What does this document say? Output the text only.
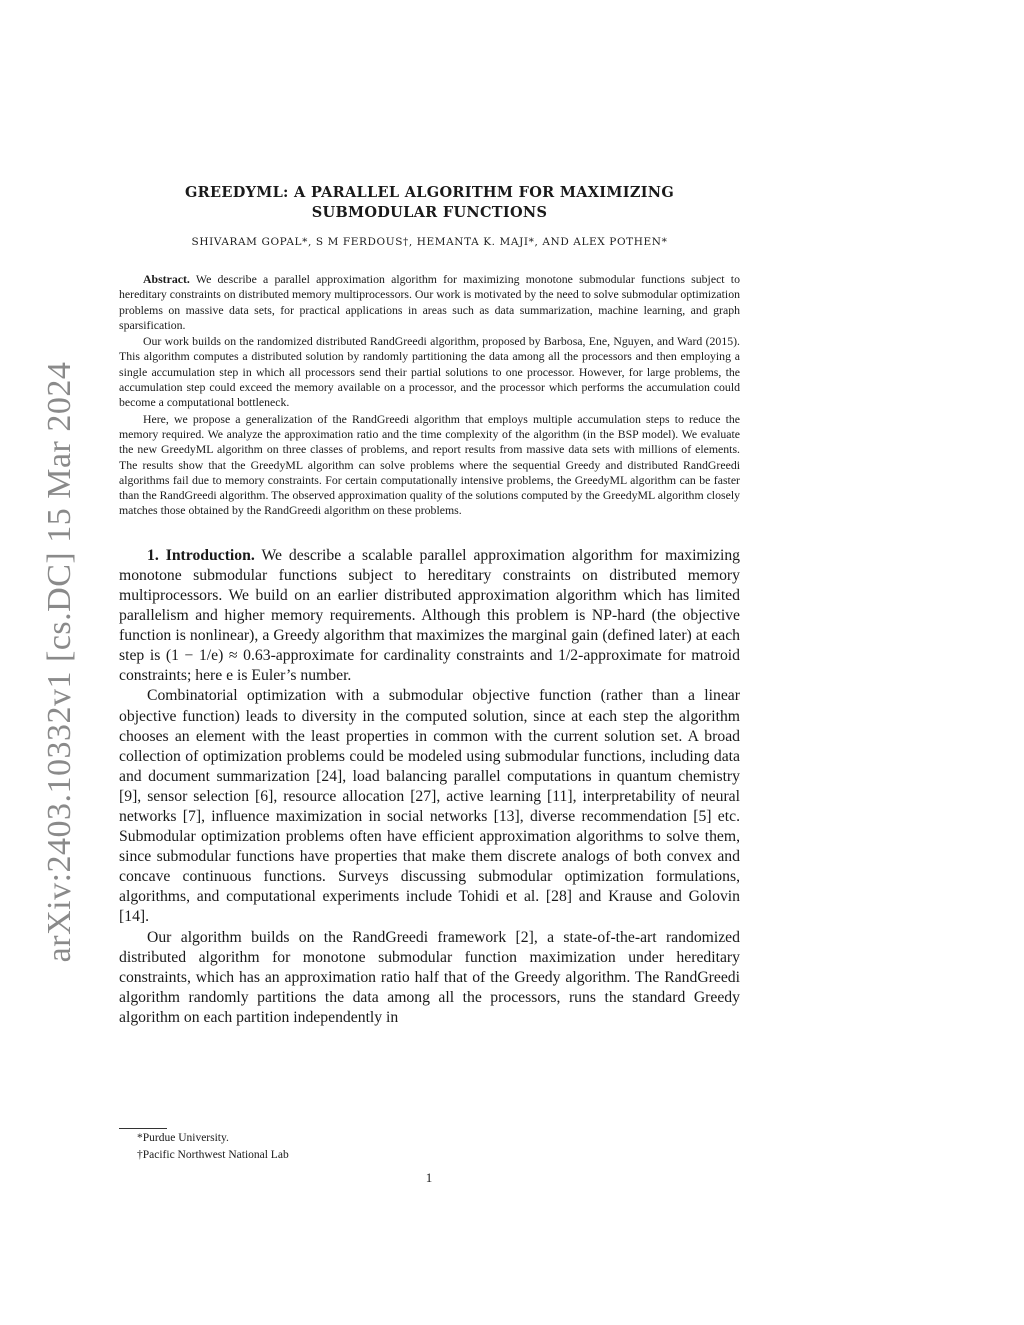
arXiv:2403.10332v1 [cs.DC] 15 Mar 2024
GREEDYML: A PARALLEL ALGORITHM FOR MAXIMIZING
SUBMODULAR FUNCTIONS
SHIVARAM GOPAL*, S M FERDOUS†, HEMANTA K. MAJI*, AND ALEX POTHEN*

Abstract. We describe a parallel approximation algorithm for maximizing monotone submodular functions subject to hereditary constraints on distributed memory multiprocessors. Our work is motivated by the need to solve submodular optimization problems on massive data sets, for practical applications in areas such as data summarization, machine learning, and graph sparsification.

Our work builds on the randomized distributed RandGreedi algorithm, proposed by Barbosa, Ene, Nguyen, and Ward (2015). This algorithm computes a distributed solution by randomly partitioning the data among all the processors and then employing a single accumulation step in which all processors send their partial solutions to one processor. However, for large problems, the accumulation step could exceed the memory available on a processor, and the processor which performs the accumulation could become a computational bottleneck.

Here, we propose a generalization of the RandGreedi algorithm that employs multiple accumulation steps to reduce the memory required. We analyze the approximation ratio and the time complexity of the algorithm (in the BSP model). We evaluate the new GreedyML algorithm on three classes of problems, and report results from massive data sets with millions of elements. The results show that the GreedyML algorithm can solve problems where the sequential Greedy and distributed RandGreedi algorithms fail due to memory constraints. For certain computationally intensive problems, the GreedyML algorithm can be faster than the RandGreedi algorithm. The observed approximation quality of the solutions computed by the GreedyML algorithm closely matches those obtained by the RandGreedi algorithm on these problems.

1. Introduction. We describe a scalable parallel approximation algorithm for maximizing monotone submodular functions subject to hereditary constraints on distributed memory multiprocessors. We build on an earlier distributed approximation algorithm which has limited parallelism and higher memory requirements. Although this problem is NP-hard (the objective function is nonlinear), a Greedy algorithm that maximizes the marginal gain (defined later) at each step is (1 − 1/e) ≈ 0.63-approximate for cardinality constraints and 1/2-approximate for matroid constraints; here e is Euler’s number.

Combinatorial optimization with a submodular objective function (rather than a linear objective function) leads to diversity in the computed solution, since at each step the algorithm chooses an element with the least properties in common with the current solution set. A broad collection of optimization problems could be modeled using submodular functions, including data and document summarization [24], load balancing parallel computations in quantum chemistry [9], sensor selection [6], resource allocation [27], active learning [11], interpretability of neural networks [7], influence maximization in social networks [13], diverse recommendation [5] etc. Submodular optimization problems often have efficient approximation algorithms to solve them, since submodular functions have properties that make them discrete analogs of both convex and concave continuous functions. Surveys discussing submodular optimization formulations, algorithms, and computational experiments include Tohidi et al. [28] and Krause and Golovin [14].

Our algorithm builds on the RandGreedi framework [2], a state-of-the-art randomized distributed algorithm for monotone submodular function maximization under hereditary constraints, which has an approximation ratio half that of the Greedy algorithm. The RandGreedi algorithm randomly partitions the data among all the processors, runs the standard Greedy algorithm on each partition independently in

*Purdue University.
†Pacific Northwest National Lab
1
